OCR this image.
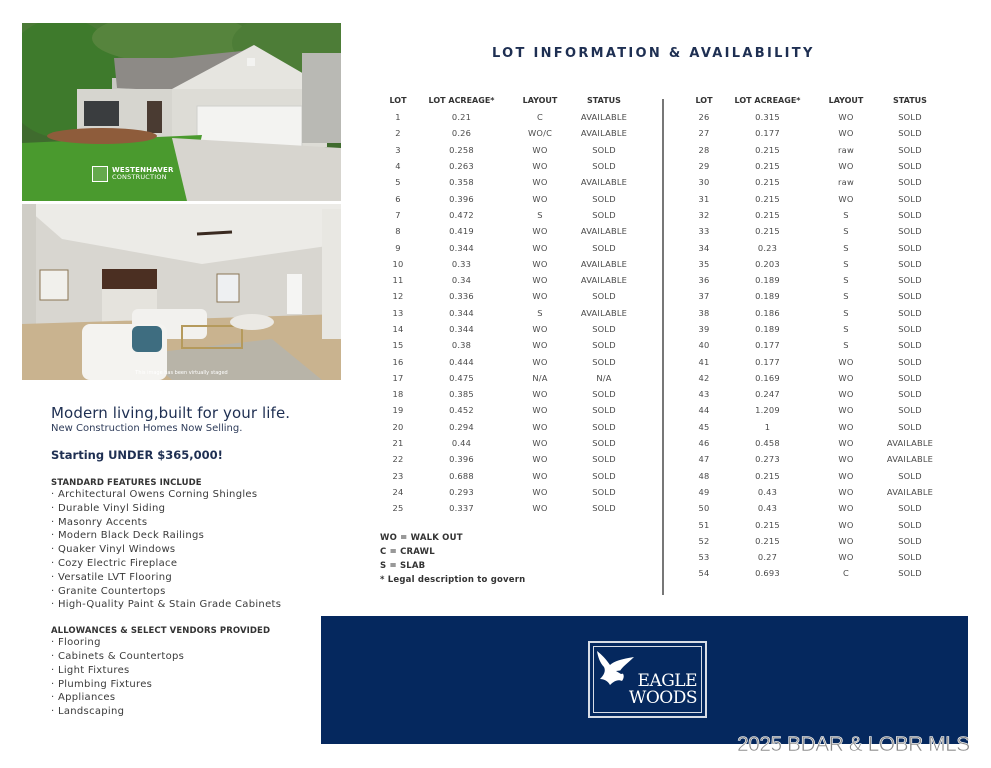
WESTENHAVER
CONSTRUCTION
This image has been virtually staged
Modern living,built for your life.
New Construction Homes Now Selling.
Starting UNDER $365,000!
STANDARD FEATURES INCLUDE
· Architectural Owens Corning Shingles
· Durable Vinyl Siding
· Masonry Accents
· Modern Black Deck Railings
· Quaker Vinyl Windows
· Cozy Electric Fireplace
· Versatile LVT Flooring
· Granite Countertops
· High-Quality Paint & Stain Grade Cabinets
ALLOWANCES & SELECT VENDORS PROVIDED
· Flooring
· Cabinets & Countertops
· Light Fixtures
· Plumbing Fixtures
· Appliances
· Landscaping
LOT INFORMATION & AVAILABILITY
LOT	LOT ACREAGE*	LAYOUT	STATUS
1	0.21	C	AVAILABLE
2	0.26	WO/C	AVAILABLE
3	0.258	WO	SOLD
4	0.263	WO	SOLD
5	0.358	WO	AVAILABLE
6	0.396	WO	SOLD
7	0.472	S	SOLD
8	0.419	WO	AVAILABLE
9	0.344	WO	SOLD
10	0.33	WO	AVAILABLE
11	0.34	WO	AVAILABLE
12	0.336	WO	SOLD
13	0.344	S	AVAILABLE
14	0.344	WO	SOLD
15	0.38	WO	SOLD
16	0.444	WO	SOLD
17	0.475	N/A	N/A
18	0.385	WO	SOLD
19	0.452	WO	SOLD
20	0.294	WO	SOLD
21	0.44	WO	SOLD
22	0.396	WO	SOLD
23	0.688	WO	SOLD
24	0.293	WO	SOLD
25	0.337	WO	SOLD
LOT	LOT ACREAGE*	LAYOUT	STATUS
26	0.315	WO	SOLD
27	0.177	WO	SOLD
28	0.215	raw	SOLD
29	0.215	WO	SOLD
30	0.215	raw	SOLD
31	0.215	WO	SOLD
32	0.215	S	SOLD
33	0.215	S	SOLD
34	0.23	S	SOLD
35	0.203	S	SOLD
36	0.189	S	SOLD
37	0.189	S	SOLD
38	0.186	S	SOLD
39	0.189	S	SOLD
40	0.177	S	SOLD
41	0.177	WO	SOLD
42	0.169	WO	SOLD
43	0.247	WO	SOLD
44	1.209	WO	SOLD
45	1	WO	SOLD
46	0.458	WO	AVAILABLE
47	0.273	WO	AVAILABLE
48	0.215	WO	SOLD
49	0.43	WO	AVAILABLE
50	0.43	WO	SOLD
51	0.215	WO	SOLD
52	0.215	WO	SOLD
53	0.27	WO	SOLD
54	0.693	C	SOLD
WO = WALK OUT
C = CRAWL
S = SLAB
* Legal description to govern
EAGLE
WOODS
2025 BDAR & LOBR MLS
